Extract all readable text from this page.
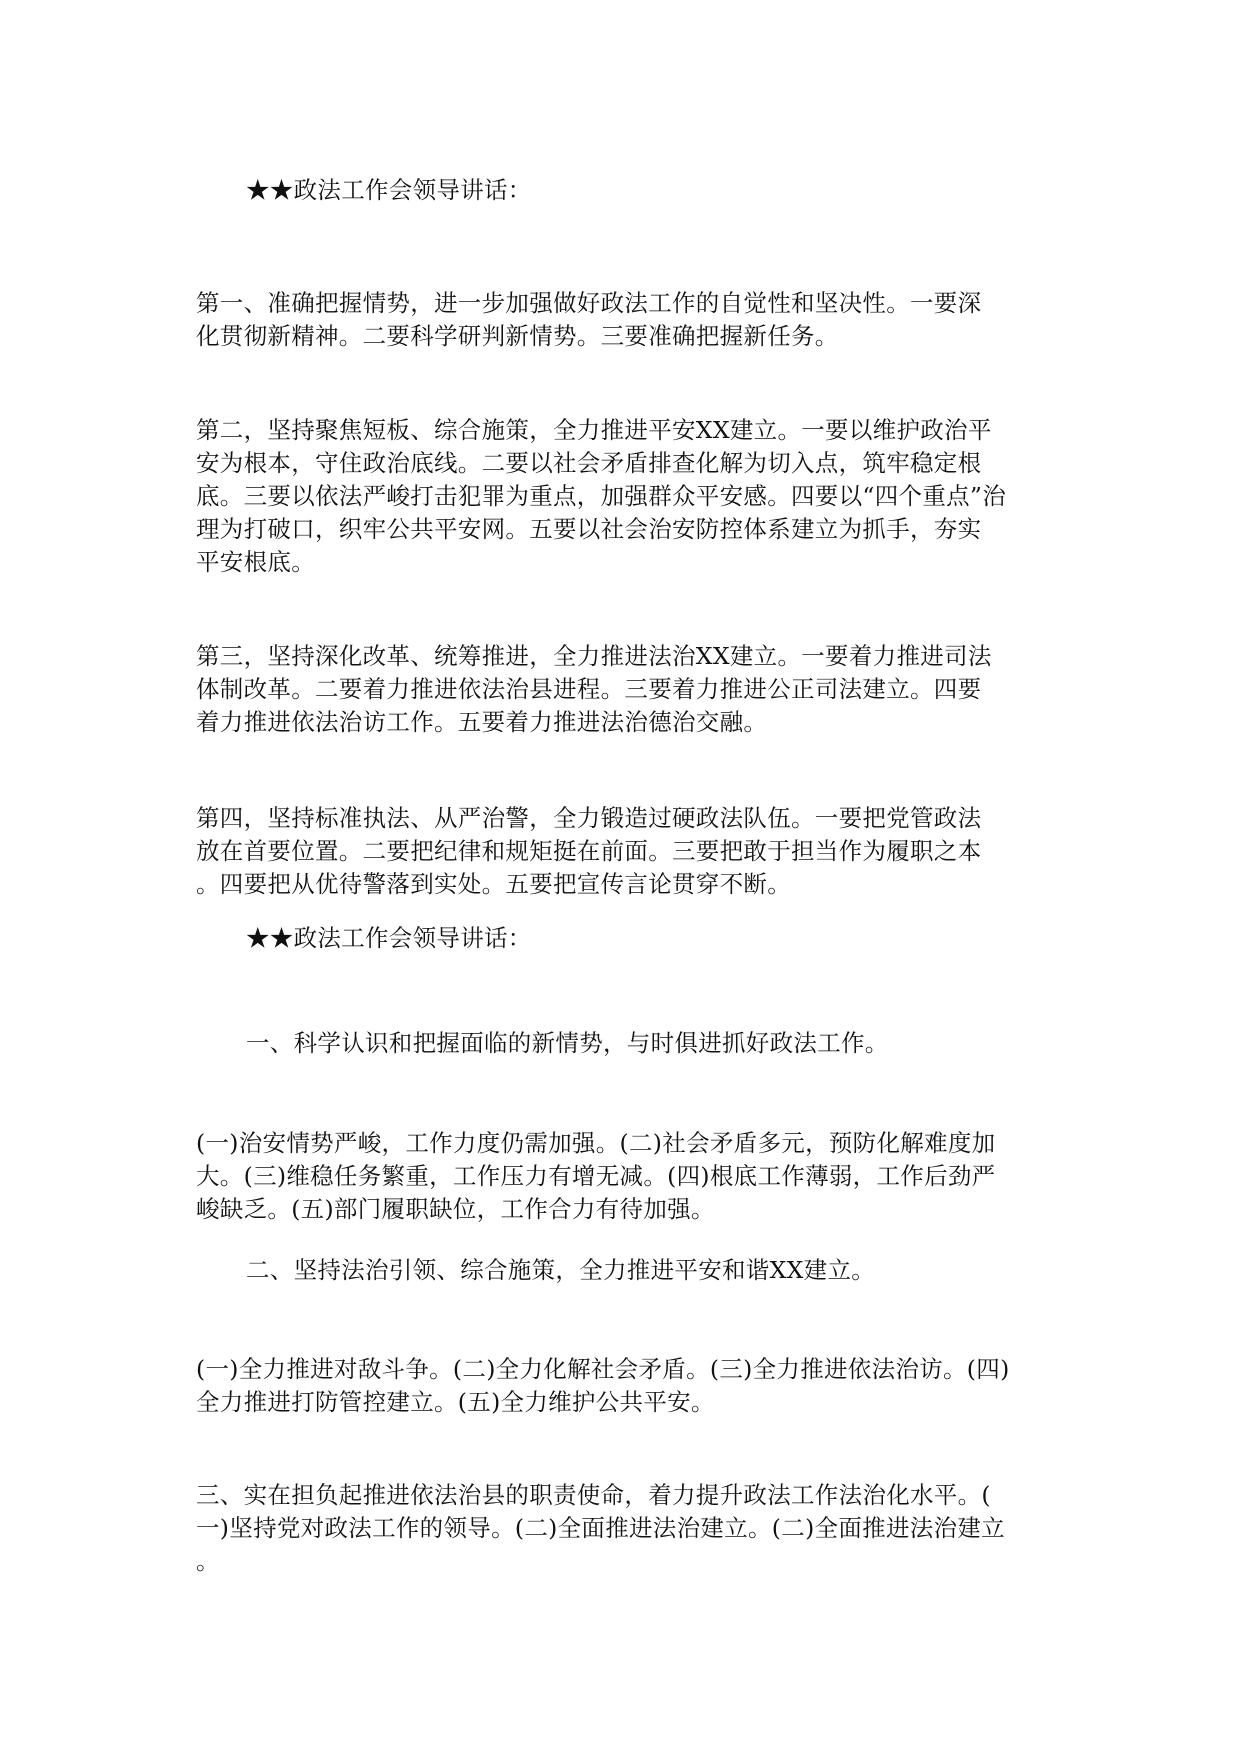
★★政法工作会领导讲话：

第一、准确把握情势，进一步加强做好政法工作的自觉性和坚决性。一要深
化贯彻新精神。二要科学研判新情势。三要准确把握新任务。

第二，坚持聚焦短板、综合施策，全力推进平安XX建立。一要以维护政治平
安为根本，守住政治底线。二要以社会矛盾排查化解为切入点，筑牢稳定根
底。三要以依法严峻打击犯罪为重点，加强群众平安感。四要以“四个重点”治
理为打破口，织牢公共平安网。五要以社会治安防控体系建立为抓手，夯实
平安根底。

第三，坚持深化改革、统筹推进，全力推进法治XX建立。一要着力推进司法
体制改革。二要着力推进依法治县进程。三要着力推进公正司法建立。四要
着力推进依法治访工作。五要着力推进法治德治交融。

第四，坚持标准执法、从严治警，全力锻造过硬政法队伍。一要把党管政法
放在首要位置。二要把纪律和规矩挺在前面。三要把敢于担当作为履职之本
。四要把从优待警落到实处。五要把宣传言论贯穿不断。

★★政法工作会领导讲话：

一、科学认识和把握面临的新情势，与时俱进抓好政法工作。

(一)治安情势严峻，工作力度仍需加强。(二)社会矛盾多元，预防化解难度加
大。(三)维稳任务繁重，工作压力有增无减。(四)根底工作薄弱，工作后劲严
峻缺乏。(五)部门履职缺位，工作合力有待加强。

二、坚持法治引领、综合施策，全力推进平安和谐XX建立。

(一)全力推进对敌斗争。(二)全力化解社会矛盾。(三)全力推进依法治访。(四)
全力推进打防管控建立。(五)全力维护公共平安。

三、实在担负起推进依法治县的职责使命，着力提升政法工作法治化水平。(
一)坚持党对政法工作的领导。(二)全面推进法治建立。(二)全面推进法治建立
。
